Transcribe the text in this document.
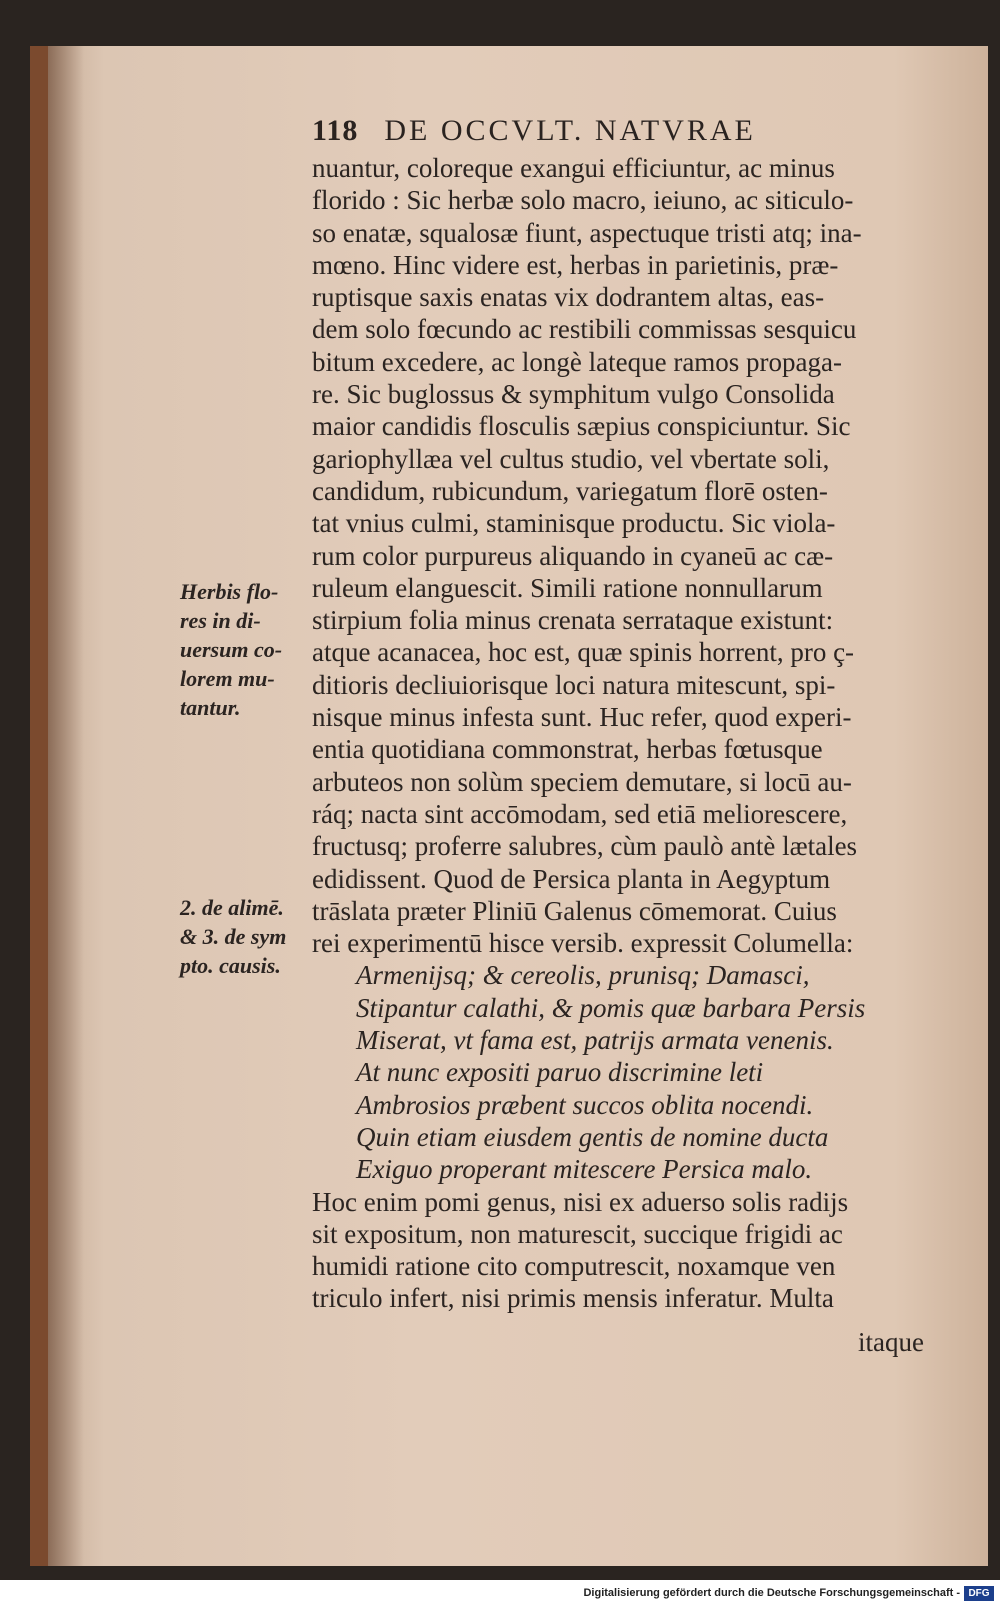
118 DE OCCVLT. NATVRAE
nuantur, coloreque exangui efficiuntur, ac minus
florido : Sic herbæ solo macro, ieiuno, ac siticulo-
so enatæ, squalosæ fiunt, aspectuque tristi atq; ina-
mœno. Hinc videre est, herbas in parietinis, præ-
ruptisque saxis enatas vix dodrantem altas, eas-
dem solo fœcundo ac restibili commissas sesquicu
bitum excedere, ac longè lateque ramos propaga-
re. Sic buglossus & symphitum vulgo Consolida
maior candidis flosculis sæpius conspiciuntur. Sic
gariophyllæa vel cultus studio, vel vbertate soli,
candidum, rubicundum, variegatum florē osten-
tat vnius culmi, staminisque productu. Sic viola-
rum color purpureus aliquando in cyaneū ac cæ-
ruleum elanguescit. Simili ratione nonnullarum
stirpium folia minus crenata serrataque existunt:
atque acanacea, hoc est, quæ spinis horrent, pro ç-
ditioris decliuiorisque loci natura mitescunt, spi-
nisque minus infesta sunt. Huc refer, quod experi-
entia quotidiana commonstrat, herbas fœtusque
arbuteos non solùm speciem demutare, si locū au-
ráq; nacta sint accōmodam, sed etiā meliorescere,
fructusq; proferre salubres, cùm paulò antè lætales
edidissent. Quod de Persica planta in Aegyptum
trāslata præter Pliniū Galenus cōmemorat. Cuius
rei experimentū hisce versib. expressit Columella:
Armenijsq; & cereolis, prunisq; Damasci,
Stipantur calathi, & pomis quæ barbara Persis
Miserat, vt fama est, patrijs armata venenis.
At nunc expositi paruo discrimine leti
Ambrosios præbent succos oblita nocendi.
Quin etiam eiusdem gentis de nomine ducta
Exiguo properant mitescere Persica malo.
Hoc enim pomi genus, nisi ex aduerso solis radijs
sit expositum, non maturescit, succique frigidi ac
humidi ratione cito computrescit, noxamque ven
triculo infert, nisi primis mensis inferatur. Multa
itaque
Herbis flo-
res in di-
uersum co-
lorem mu-
tantur.
2. de alimē.
& 3. de sym
pto. causis.
Digitalisierung gefördert durch die Deutsche Forschungsgemeinschaft - DFG
